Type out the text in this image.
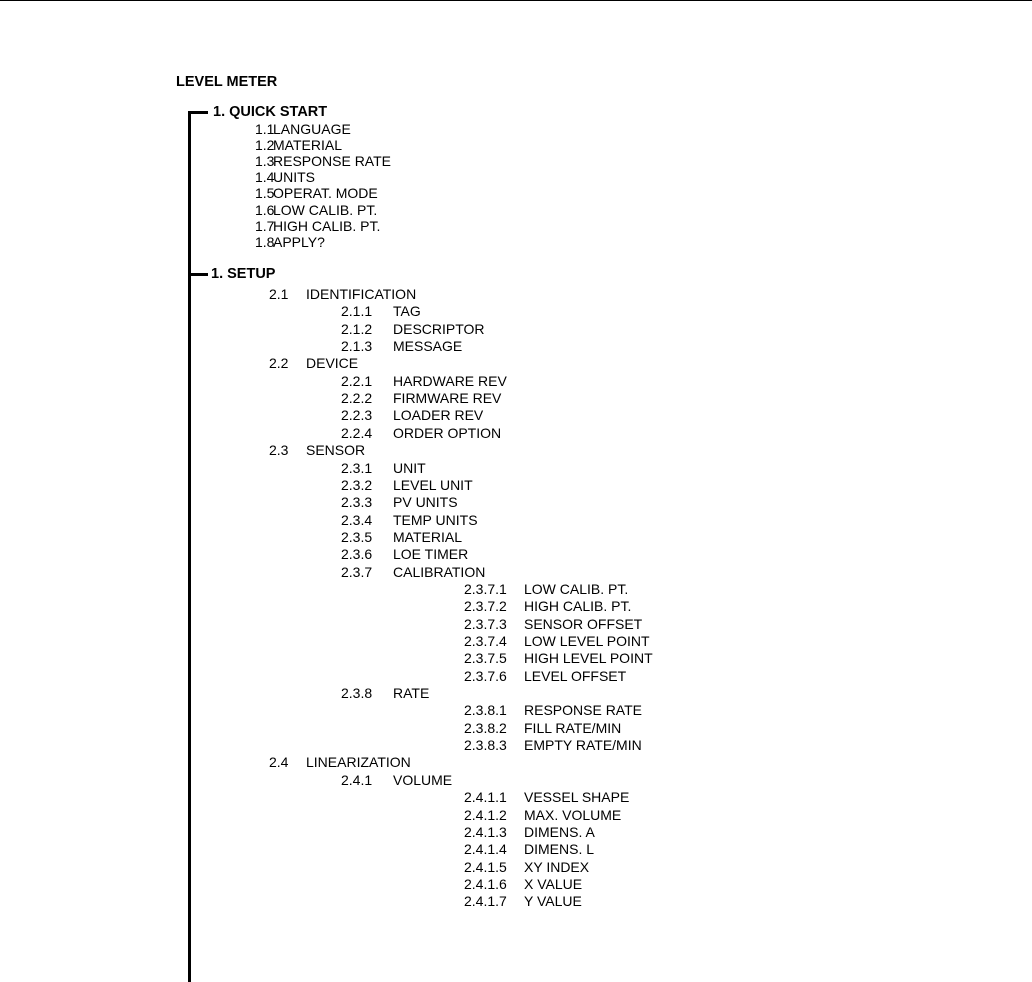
LEVEL METER
1. QUICK START
1. SETUP
1.1
LANGUAGE
1.2
MATERIAL
1.3
RESPONSE RATE
1.4
UNITS
1.5
OPERAT. MODE
1.6
LOW CALIB. PT.
1.7
HIGH CALIB. PT.
1.8
APPLY?
2.1 IDENTIFICATION
2.1.1 TAG
2.1.2 DESCRIPTOR
2.1.3 MESSAGE
2.2 DEVICE
2.2.1 HARDWARE REV
2.2.2 FIRMWARE REV
2.2.3 LOADER REV
2.2.4 ORDER OPTION
2.3 SENSOR
2.3.1 UNIT
2.3.2 LEVEL UNIT
2.3.3 PV UNITS
2.3.4 TEMP UNITS
2.3.5 MATERIAL
2.3.6 LOE TIMER
2.3.7 CALIBRATION
2.3.7.1 LOW CALIB. PT.
2.3.7.2 HIGH CALIB. PT.
2.3.7.3 SENSOR OFFSET
2.3.7.4 LOW LEVEL POINT
2.3.7.5 HIGH LEVEL POINT
2.3.7.6 LEVEL OFFSET
2.3.8 RATE
2.3.8.1 RESPONSE RATE
2.3.8.2 FILL RATE/MIN
2.3.8.3 EMPTY RATE/MIN
2.4 LINEARIZATION
2.4.1 VOLUME
2.4.1.1 VESSEL SHAPE
2.4.1.2 MAX. VOLUME
2.4.1.3 DIMENS. A
2.4.1.4 DIMENS. L
2.4.1.5 XY INDEX
2.4.1.6 X VALUE
2.4.1.7 Y VALUE
